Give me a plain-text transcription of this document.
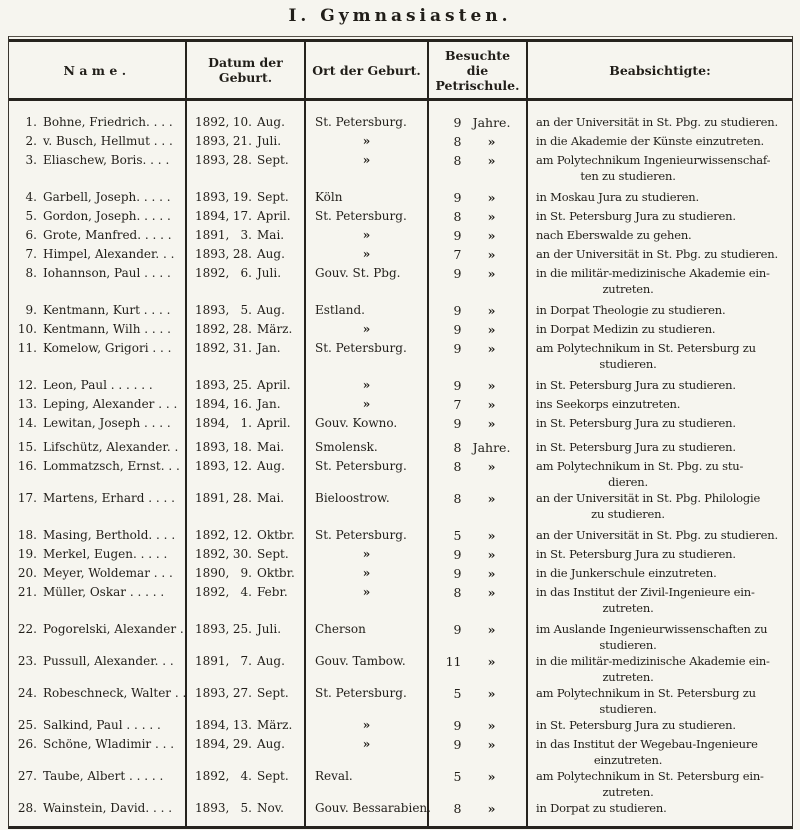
I. Gymnasiasten.
Name.	Datum der Geburt.	Ort der Geburt.
Besuchte die Petrischule.
Beabsichtigte:
1. Bohne, Friedrich. . . . 1892, 10. Aug.	St. Petersburg.	9 Jahre.	an der Universität in St. Pbg. zu studieren.
2. v. Busch, Hellmut . . . 1893, 21. Juli.	»	8	»	in die Akademie der Künste einzutreten.
3. Eliaschew, Boris. . . . 1893, 28. Sept.	»	8	»	am Polytechnikum Ingenieurwissenschaf-
ten zu studieren.
4. Garbell, Joseph. . . . . 1893, 19. Sept.	Köln	9	»	in Moskau Jura zu studieren.
5. Gordon, Joseph. . . . . 1894, 17. April.	St. Petersburg.	8	»	in St. Petersburg Jura zu studieren.
6. Grote, Manfred. . . . . 1891, 3. Mai.	»	9	»	nach Eberswalde zu gehen.
7. Himpel, Alexander. . . 1893, 28. Aug.	»	7	»	an der Universität in St. Pbg. zu studieren.
8. Iohannson, Paul . . . . 1892, 6. Juli.	Gouv. St. Pbg.	9	»	in die militär-medizinische Akademie ein-
zutreten.
9. Kentmann, Kurt . . . . 1893, 5. Aug.	Estland.	9	»	in Dorpat Theologie zu studieren.
10. Kentmann, Wilh . . . . 1892, 28. März.	»	9	»	in Dorpat Medizin zu studieren.
11. Komelow, Grigori . . . 1892, 31. Jan.	St. Petersburg.	9	»	am Polytechnikum in St. Petersburg zu
studieren.
12. Leon, Paul . . . . . .	1893, 25. April.	»	9	»	in St. Petersburg Jura zu studieren.
13. Leping, Alexander . . . 1894, 16. Jan.	»	7	»	ins Seekorps einzutreten.
14. Lewitan, Joseph . . . . 1894, 1. April.	Gouv. Kowno.	9	»	in St. Petersburg Jura zu studieren.
15. Lifschütz, Alexander. . 1893, 18. Mai.	Smolensk.	8 Jahre.	in St. Petersburg Jura zu studieren.
16. Lommatzsch, Ernst. . . 1893, 12. Aug.	St. Petersburg.	8	»	am Polytechnikum in St. Pbg. zu stu-
dieren.
17. Martens, Erhard . . . . 1891, 28. Mai.	Bieloostrow.	8	»	an der Universität in St. Pbg. Philologie
zu studieren.
18. Masing, Berthold. . . . 1892, 12. Oktbr.	St. Petersburg.	5	»	an der Universität in St. Pbg. zu studieren.
19. Merkel, Eugen. . . . . 1892, 30. Sept.	»	9	»	in St. Petersburg Jura zu studieren.
20. Meyer, Woldemar . . . 1890, 9. Oktbr.	»	9	»	in die Junkerschule einzutreten.
21. Müller, Oskar . . . . .	1892, 4. Febr.	»	8	»	in das Institut der Zivil-Ingenieure ein-
zutreten.
22. Pogorelski, Alexander . 1893, 25. Juli.	Cherson	9	»	im Auslande Ingenieurwissenschaften zu
studieren.
23. Pussull, Alexander. . . 1891, 7. Aug.	Gouv. Tambow.	11	»	in die militär-medizinische Akademie ein-
zutreten.
24. Robeschneck, Walter . . 1893, 27. Sept.	St. Petersburg.	5	»	am Polytechnikum in St. Petersburg zu
studieren.
25. Salkind, Paul . . . . .	1894, 13. März.	»	9	»	in St. Petersburg Jura zu studieren.
26. Schöne, Wladimir . . . 1894, 29. Aug.	»	9	»	in das Institut der Wegebau-Ingenieure
einzutreten.
27. Taube, Albert . . . . .	1892, 4. Sept.	Reval.	5	»	am Polytechnikum in St. Petersburg ein-
zutreten.
28. Wainstein, David. . . . 1893, 5. Nov.	Gouv. Bessarabien.	8	»	in Dorpat zu studieren.
